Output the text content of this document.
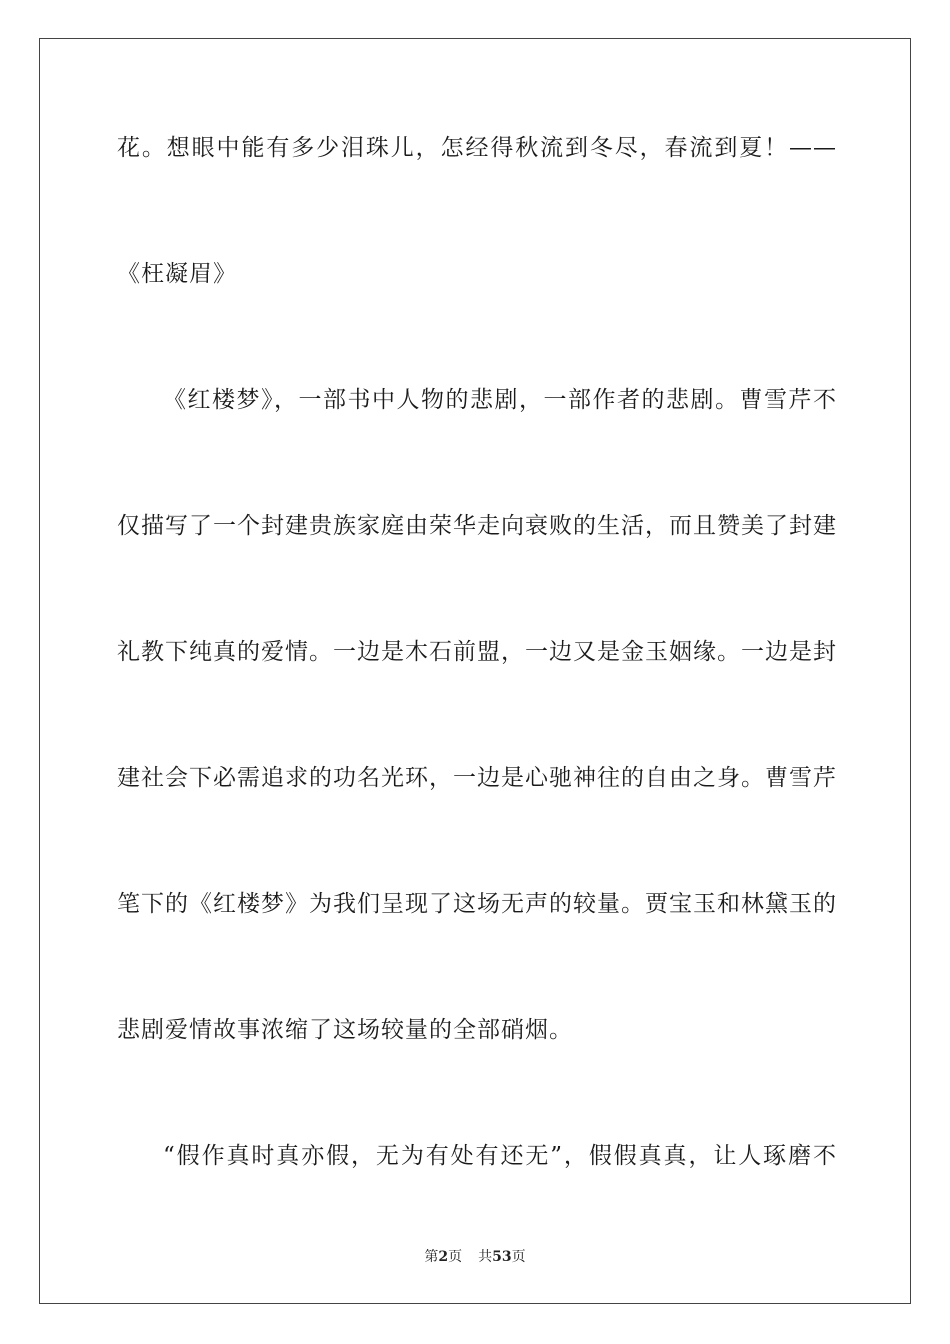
花。想眼中能有多少泪珠儿，怎经得秋流到冬尽，春流到夏！——
《枉凝眉》
《红楼梦》，一部书中人物的悲剧，一部作者的悲剧。曹雪芹不
仅描写了一个封建贵族家庭由荣华走向衰败的生活，而且赞美了封建
礼教下纯真的爱情。一边是木石前盟，一边又是金玉姻缘。一边是封
建社会下必需追求的功名光环，一边是心驰神往的自由之身。曹雪芹
笔下的《红楼梦》为我们呈现了这场无声的较量。贾宝玉和林黛玉的
悲剧爱情故事浓缩了这场较量的全部硝烟。
“假作真时真亦假，无为有处有还无”，假假真真，让人琢磨不
第2页 共53页
